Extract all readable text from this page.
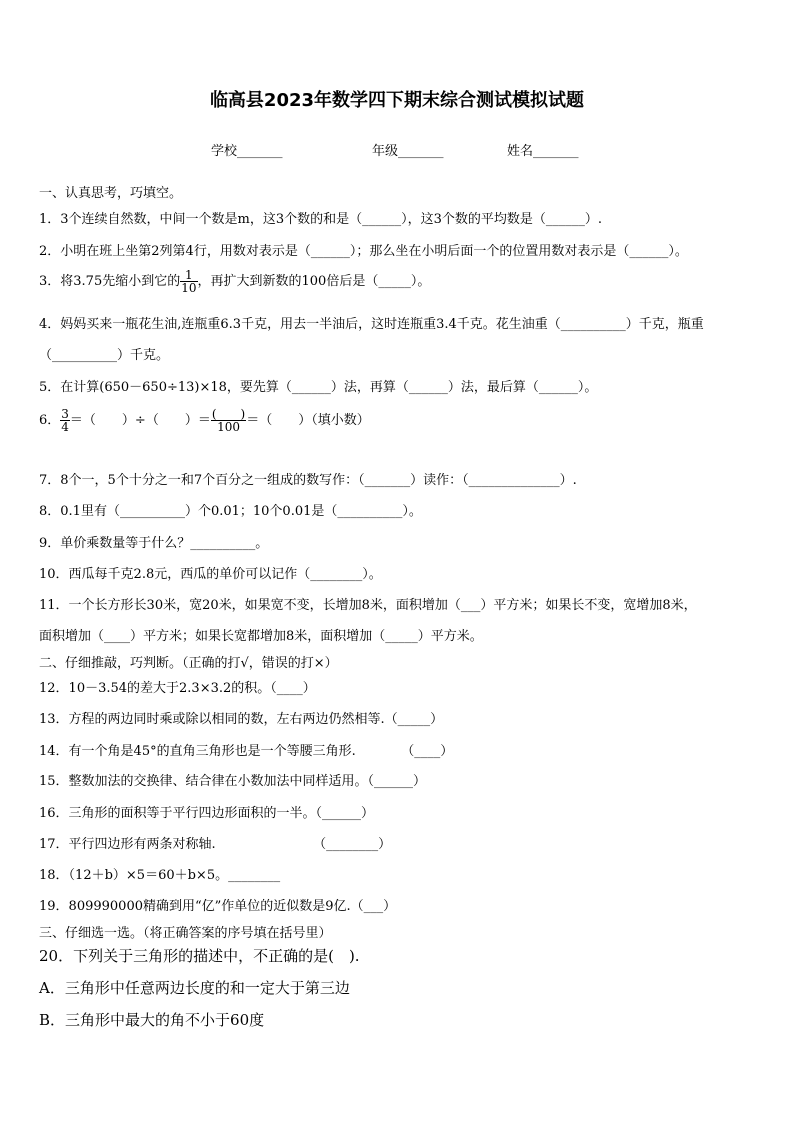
临高县2023年数学四下期末综合测试模拟试题
学校_______	年级_______	姓名_______
一、认真思考，巧填空。
1．3个连续自然数，中间一个数是m，这3个数的和是（______），这3个数的平均数是（______）.
2．小明在班上坐第2列第4行，用数对表示是（______）；那么坐在小明后面一个的位置用数对表示是（______）。
3．将3.75先缩小到它的 $\frac{1}{10}$ ，再扩大到新数的100倍后是（_____）。
4．妈妈买来一瓶花生油,连瓶重6.3千克，用去一半油后，这时连瓶重3.4千克。花生油重（__________）千克，瓶重
（__________）千克。
5．在计算(650－650÷13)×18，要先算（______）法，再算（______）法，最后算（______）。
6． $\frac{3}{4}$ ＝（　　）÷（　　）＝ $\frac{( )}{100}$ ＝（　　）（填小数）
7．8个一，5个十分之一和7个百分之一组成的数写作：（_______）读作：（______________）.
8．0.1里有（__________）个0.01；10个0.01是（__________）。
9．单价乘数量等于什么？__________。
10．西瓜每千克2.8元，西瓜的单价可以记作（________）。
11．一个长方形长30米，宽20米，如果宽不变，长增加8米，面积增加（___）平方米；如果长不变，宽增加8米，
面积增加（____）平方米；如果长宽都增加8米，面积增加（_____）平方米。
二、仔细推敲，巧判断。（正确的打√，错误的打×）
12．10－3.54的差大于2.3×3.2的积。（____）
13．方程的两边同时乘或除以相同的数，左右两边仍然相等.（_____）
14．有一个角是45°的直角三角形也是一个等腰三角形.　　　　（____）
15．整数加法的交换律、结合律在小数加法中同样适用。（______）
16．三角形的面积等于平行四边形面积的一半。（______）
17．平行四边形有两条对称轴.　　　　　　　　（________）
18．（12＋b）×5＝60＋b×5。________
19．809990000精确到用“亿”作单位的近似数是9亿.（___）
三、仔细选一选。（将正确答案的序号填在括号里）
20．下列关于三角形的描述中，不正确的是(　).
A．三角形中任意两边长度的和一定大于第三边
B．三角形中最大的角不小于60度
